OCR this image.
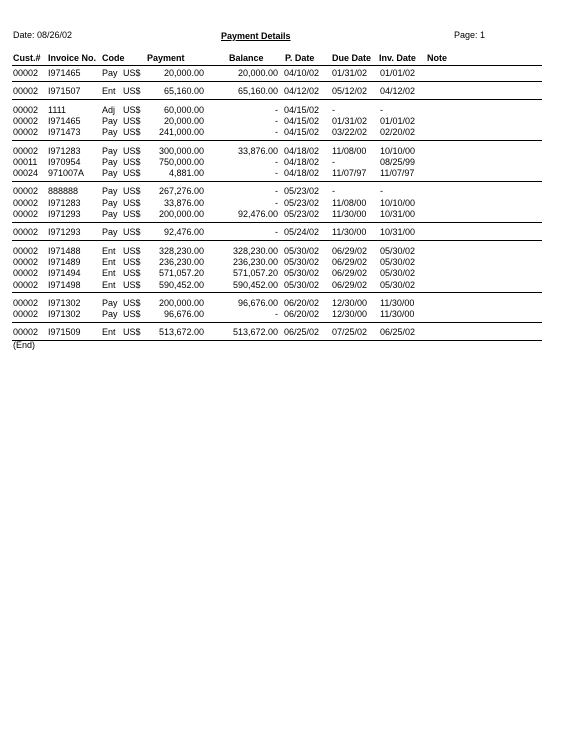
Date: 08/26/02	Payment Details	Page: 1
Cust.# Invoice No. Code	Payment	Balance P. Date Due Date Inv. Date Note
00002 I971465 Pay US$	20,000.00	20,000.00 04/10/02 01/31/02 01/01/02
00002 I971507 Ent US$	65,160.00	65,160.00 04/12/02 05/12/02 04/12/02
00002 1111	Adj US$	60,000.00	- 04/15/02 -	-
00002 I971465 Pay US$	20,000.00	- 04/15/02 01/31/02 01/01/02
00002 I971473 Pay US$ 241,000.00	- 04/15/02 03/22/02 02/20/02
00002 I971283 Pay US$ 300,000.00	33,876.00 04/18/02 11/08/00 10/10/00
00011 I970954 Pay US$ 750,000.00	- 04/18/02 -	08/25/99
00024 971007A Pay US$	4,881.00	- 04/18/02 11/07/97 11/07/97
00002 888888	Pay US$ 267,276.00	- 05/23/02 -	-
00002 I971283 Pay US$	33,876.00	- 05/23/02 11/08/00 10/10/00
00002 I971293 Pay US$ 200,000.00	92,476.00 05/23/02 11/30/00 10/31/00
00002 I971293 Pay US$	92,476.00	- 05/24/02 11/30/00 10/31/00
00002 I971488 Ent US$ 328,230.00	328,230.00 05/30/02 06/29/02 05/30/02
00002 I971489 Ent US$ 236,230.00	236,230.00 05/30/02 06/29/02 05/30/02
00002 I971494 Ent US$ 571,057.20	571,057.20 05/30/02 06/29/02 05/30/02
00002 I971498 Ent US$ 590,452.00	590,452.00 05/30/02 06/29/02 05/30/02
00002 I971302 Pay US$ 200,000.00	96,676.00 06/20/02 12/30/00 11/30/00
00002 I971302 Pay US$	96,676.00	- 06/20/02 12/30/00 11/30/00
00002 I971509 Ent US$ 513,672.00	513,672.00 06/25/02 07/25/02 06/25/02
(End)
